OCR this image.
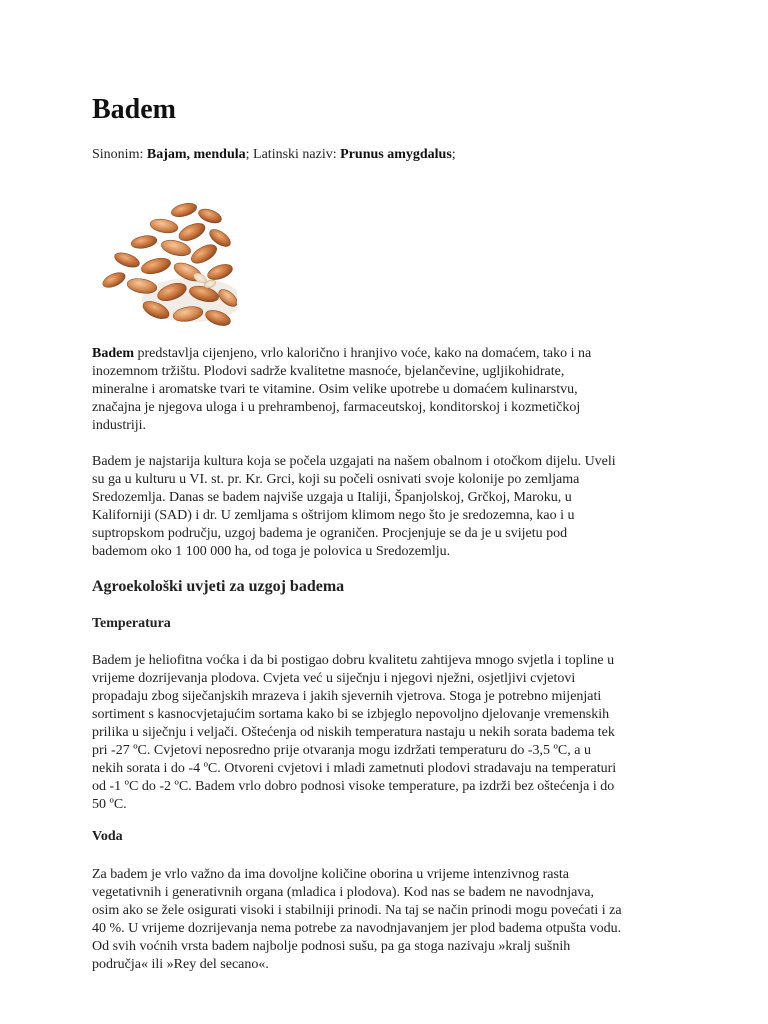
Badem
Sinonim: Bajam, mendula; Latinski naziv: Prunus amygdalus;

Badem predstavlja cijenjeno, vrlo kalorično i hranjivo voće, kako na domaćem, tako i na
inozemnom tržištu. Plodovi sadrže kvalitetne masnoće, bjelančevine, ugljikohidrate,
mineralne i aromatske tvari te vitamine. Osim velike upotrebe u domaćem kulinarstvu,
značajna je njegova uloga i u prehrambenoj, farmaceutskoj, konditorskoj i kozmetičkoj
industriji.

Badem je najstarija kultura koja se počela uzgajati na našem obalnom i otočkom dijelu. Uveli
su ga u kulturu u VI. st. pr. Kr. Grci, koji su počeli osnivati svoje kolonije po zemljama
Sredozemlja. Danas se badem najviše uzgaja u Italiji, Španjolskoj, Grčkoj, Maroku, u
Kaliforniji (SAD) i dr. U zemljama s oštrijom klimom nego što je sredozemna, kao i u
suptropskom području, uzgoj badema je ograničen. Procjenjuje se da je u svijetu pod
bademom oko 1 100 000 ha, od toga je polovica u Sredozemlju.

Agroekološki uvjeti za uzgoj badema
Temperatura

Badem je heliofitna voćka i da bi postigao dobru kvalitetu zahtijeva mnogo svjetla i topline u
vrijeme dozrijevanja plodova. Cvjeta već u siječnju i njegovi nježni, osjetljivi cvjetovi
propadaju zbog siječanjskih mrazeva i jakih sjevernih vjetrova. Stoga je potrebno mijenjati
sortiment s kasnocvjetajućim sortama kako bi se izbjeglo nepovoljno djelovanje vremenskih
prilika u siječnju i veljači. Oštećenja od niskih temperatura nastaju u nekih sorata badema tek
pri -27 ºC. Cvjetovi neposredno prije otvaranja mogu izdržati temperaturu do -3,5 ºC, a u
nekih sorata i do -4 ºC. Otvoreni cvjetovi i mladi zametnuti plodovi stradavaju na temperaturi
od -1 ºC do -2 ºC. Badem vrlo dobro podnosi visoke temperature, pa izdrži bez oštećenja i do
50 ºC.

Voda

Za badem je vrlo važno da ima dovoljne količine oborina u vrijeme intenzivnog rasta
vegetativnih i generativnih organa (mladica i plodova). Kod nas se badem ne navodnjava,
osim ako se žele osigurati visoki i stabilniji prinodi. Na taj se način prinodi mogu povećati i za
40 %. U vrijeme dozrijevanja nema potrebe za navodnjavanjem jer plod badema otpušta vodu.
Od svih voćnih vrsta badem najbolje podnosi sušu, pa ga stoga nazivaju »kralj sušnih
područja« ili »Rey del secano«.
